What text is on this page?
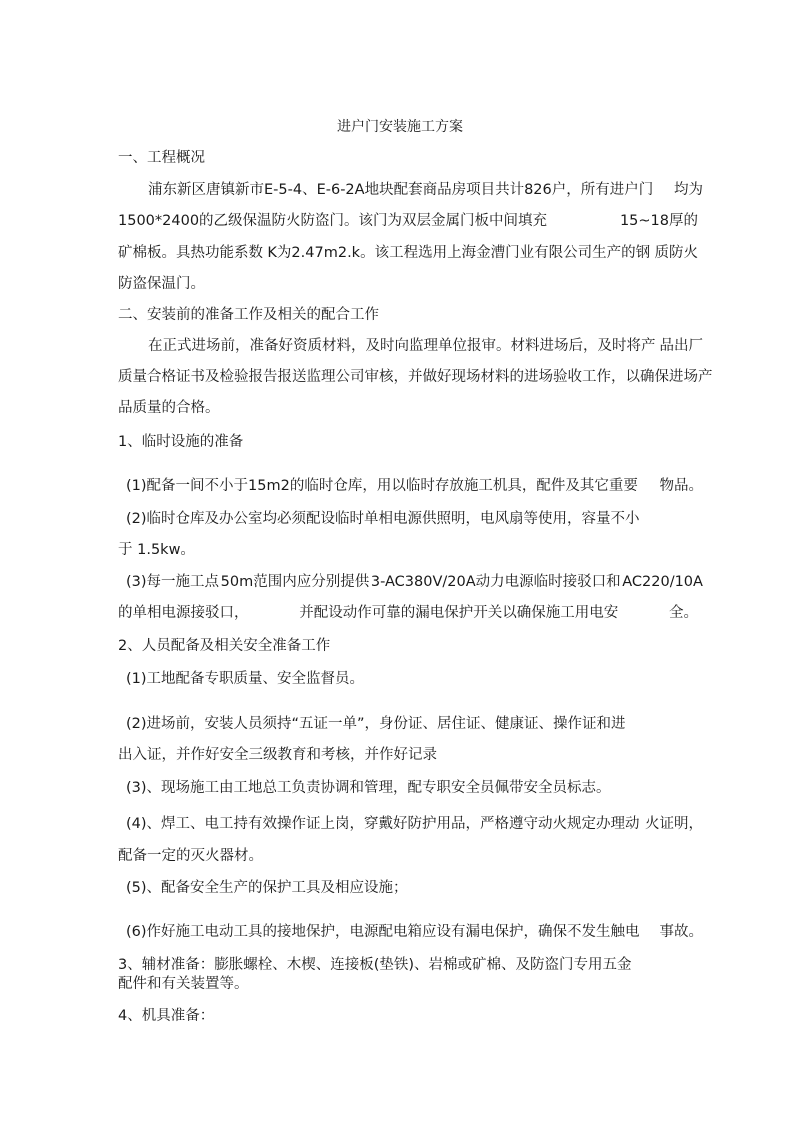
进户门安装施工方案
一、工程概况
浦东新区唐镇新市E-5-4、E-6-2A地块配套商品房项目共计826户，所有进户门 均为
1500*2400的乙级保温防火防盗门。该门为双层金属门板中间填充	15~18厚的
矿棉板。具热功能系数 K为2.47m2.k。该工程选用上海金漕门业有限公司生产的钢 质防火
防盗保温门。
二、安装前的准备工作及相关的配合工作
在正式进场前，准备好资质材料，及时向监理单位报审。材料进场后，及时将产 品出厂
质量合格证书及检验报告报送监理公司审核，并做好现场材料的进场验收工 作，以确保进场产
品质量的合格。
1、临时设施的准备
(1)配备一间不小于15m2的临时仓库，用以临时存放施工机具，配件及其它重要 物品。
(2)临时仓库及办公室均必须配设临时单相电源供照明，电风扇等使用，容量不小
于 1.5kw。
(3)每一施工点 50m范围内应分别提供 3-AC380V/20A动力电源临时接驳口和 AC220/10A
的单相电源接驳口，	并配设动作可靠的漏电保护开关以确保施工用电安	全。
2、人员配备及相关安全准备工作
(1)工地配备专职质量、安全监督员。
(2)进场前，安装人员须持“五证一单”，身份证、居住证、健康证、操作证和进
出入证，并作好安全三级教育和考核，并作好记录
(3)、现场施工由工地总工负责协调和管理，配专职安全员佩带安全员标志。
(4)、焊工、电工持有效操作证上岗，穿戴好防护用品，严格遵守动火规定办理动 火证明，
配备一定的灭火器材。
(5)、配备安全生产的保护工具及相应设施；
(6)作好施工电动工具的接地保护，电源配电箱应设有漏电保护，确保不发生触电 事故。
3、辅材准备：膨胀螺栓、木楔、连接板(垫铁)、岩棉或矿棉、及防盗门专用五金
配件和有关装置等。
4、机具准备：
